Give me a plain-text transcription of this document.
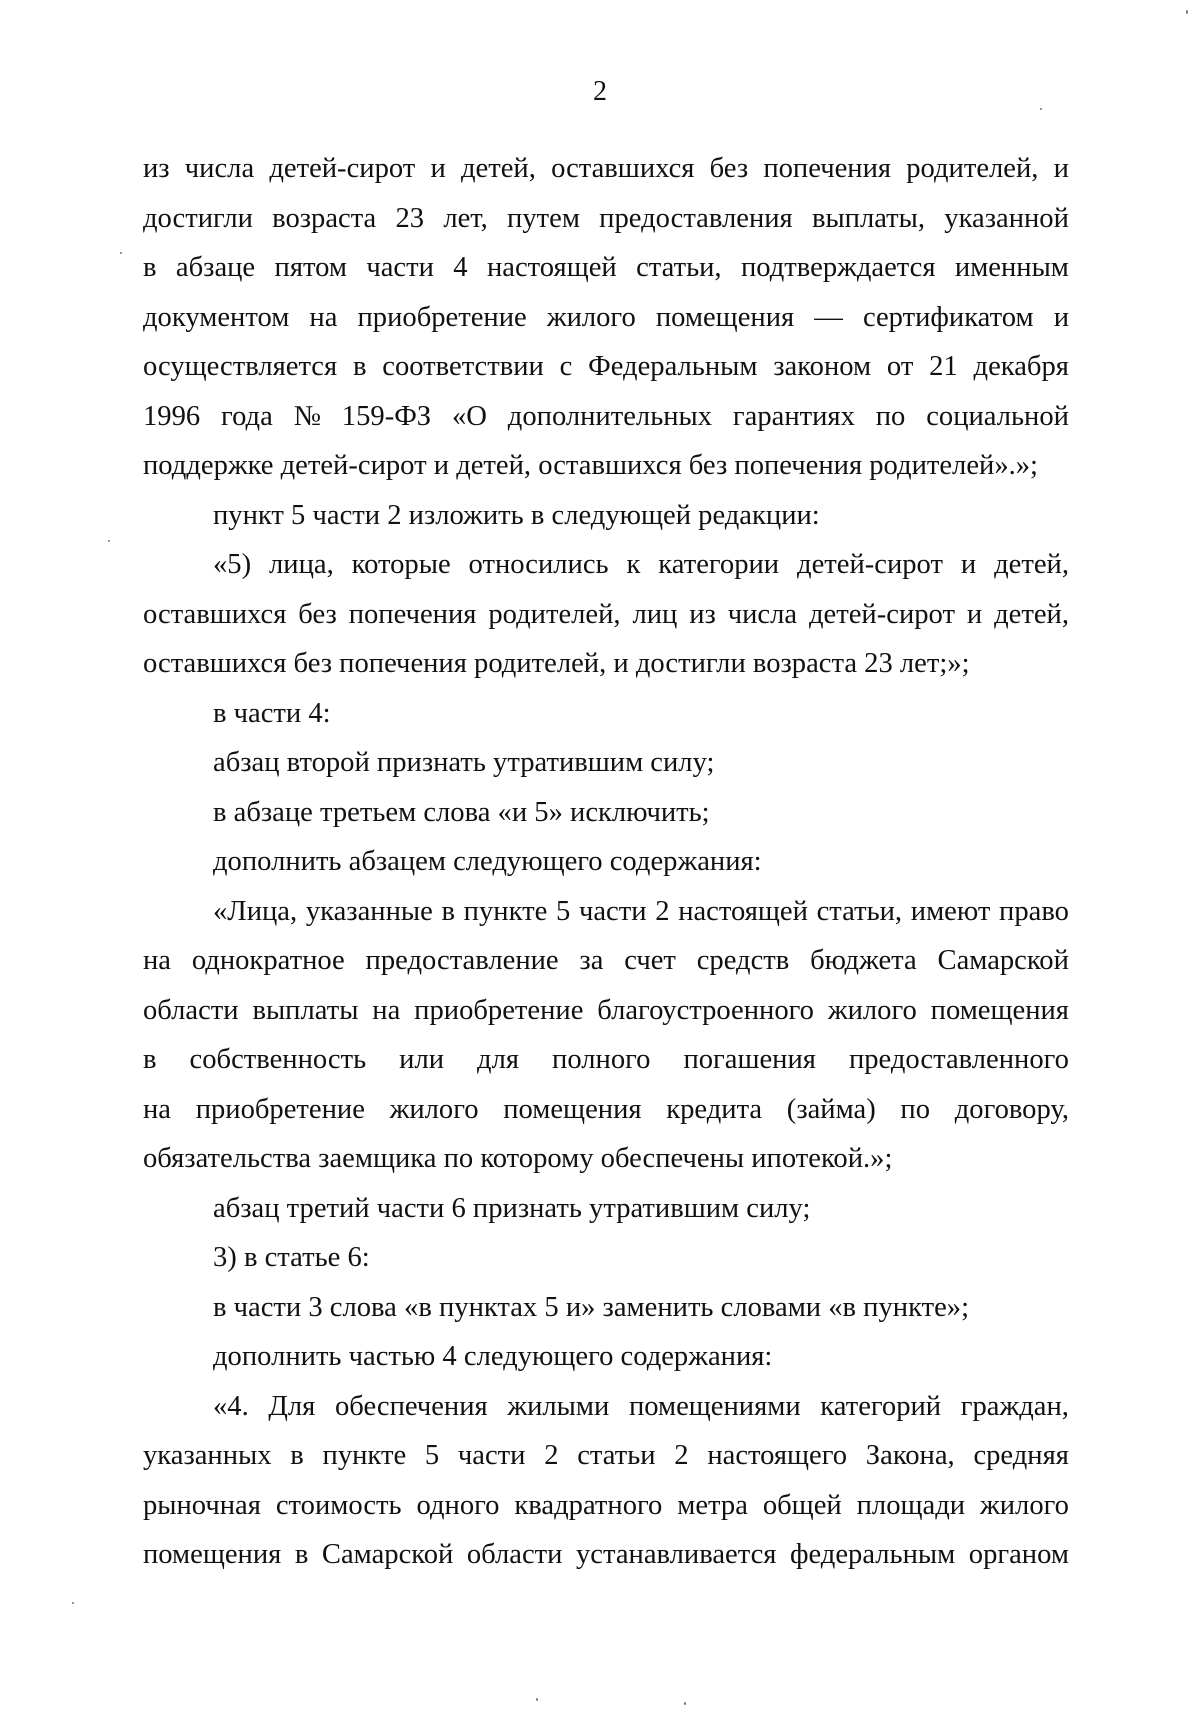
2
из числа детей-сирот и детей, оставшихся без попечения родителей, и
достигли возраста 23 лет, путем предоставления выплаты, указанной
в абзаце пятом части 4 настоящей статьи, подтверждается именным
документом на приобретение жилого помещения — сертификатом и
осуществляется в соответствии с Федеральным законом от 21 декабря
1996 года № 159-ФЗ «О дополнительных гарантиях по социальной
поддержке детей-сирот и детей, оставшихся без попечения родителей».»;
пункт 5 части 2 изложить в следующей редакции:
«5) лица, которые относились к категории детей-сирот и детей,
оставшихся без попечения родителей, лиц из числа детей-сирот и детей,
оставшихся без попечения родителей, и достигли возраста 23 лет;»;
в части 4:
абзац второй признать утратившим силу;
в абзаце третьем слова «и 5» исключить;
дополнить абзацем следующего содержания:
«Лица, указанные в пункте 5 части 2 настоящей статьи, имеют право
на однократное предоставление за счет средств бюджета Самарской
области выплаты на приобретение благоустроенного жилого помещения
в собственность или для полного погашения предоставленного
на приобретение жилого помещения кредита (займа) по договору,
обязательства заемщика по которому обеспечены ипотекой.»;
абзац третий части 6 признать утратившим силу;
3) в статье 6:
в части 3 слова «в пунктах 5 и» заменить словами «в пункте»;
дополнить частью 4 следующего содержания:
«4. Для обеспечения жилыми помещениями категорий граждан,
указанных в пункте 5 части 2 статьи 2 настоящего Закона, средняя
рыночная стоимость одного квадратного метра общей площади жилого
помещения в Самарской области устанавливается федеральным органом
